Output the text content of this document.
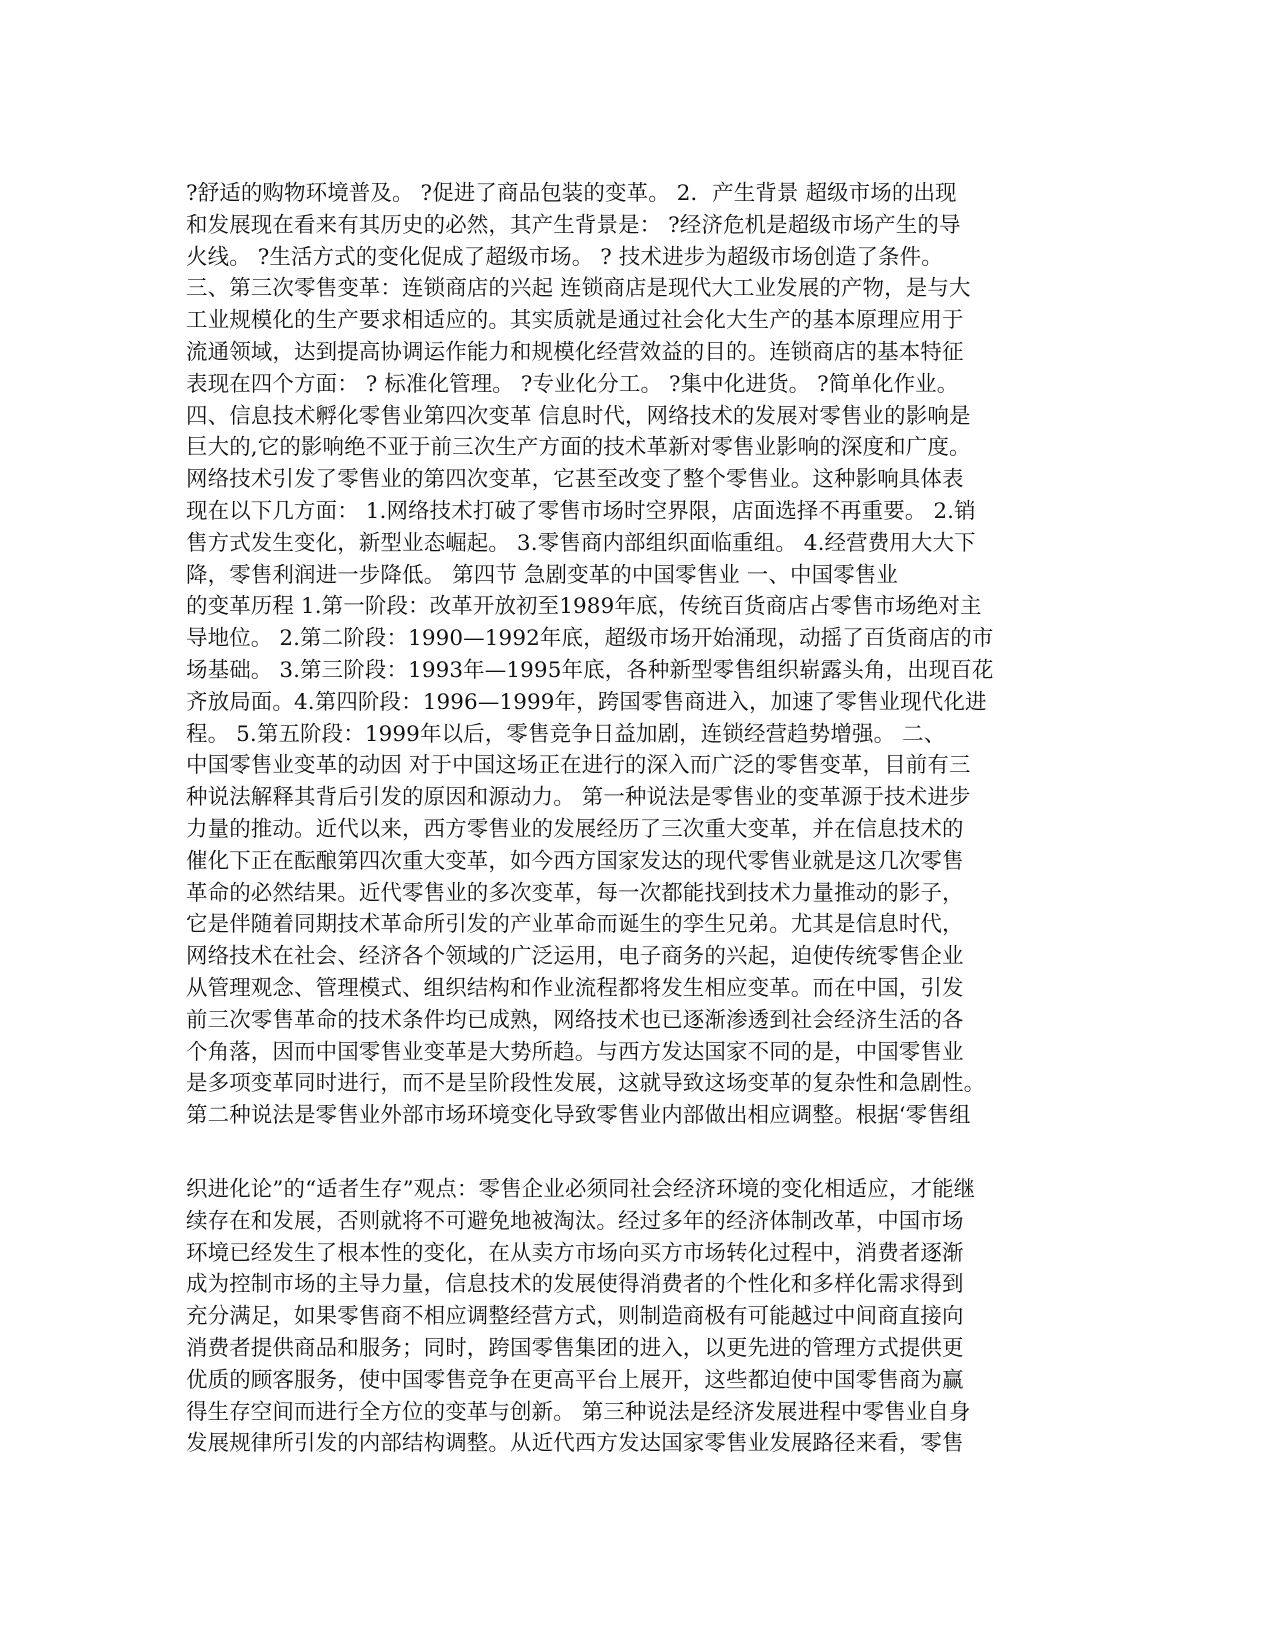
?舒适的购物环境普及。 ?促进了商品包装的变革。 2．产生背景 超级市场的出现
和发展现在看来有其历史的必然，其产生背景是： ?经济危机是超级市场产生的导
火线。 ?生活方式的变化促成了超级市场。 ? 技术进步为超级市场创造了条件。
三、第三次零售变革：连锁商店的兴起 连锁商店是现代大工业发展的产物，是与大
工业规模化的生产要求相适应的。其实质就是通过社会化大生产的基本原理应用于
流通领域，达到提高协调运作能力和规模化经营效益的目的。连锁商店的基本特征
表现在四个方面： ? 标准化管理。 ?专业化分工。 ?集中化进货。 ?简单化作业。
四、信息技术孵化零售业第四次变革 信息时代，网络技术的发展对零售业的影响是
巨大的,它的影响绝不亚于前三次生产方面的技术革新对零售业影响的深度和广度。
网络技术引发了零售业的第四次变革，它甚至改变了整个零售业。这种影响具体表
现在以下几方面： 1.网络技术打破了零售市场时空界限，店面选择不再重要。 2.销
售方式发生变化，新型业态崛起。 3.零售商内部组织面临重组。 4.经营费用大大下
降，零售利润进一步降低。 第四节 急剧变革的中国零售业 一、中国零售业
的变革历程 1.第一阶段：改革开放初至1989年底，传统百货商店占零售市场绝对主
导地位。 2.第二阶段：1990—1992年底，超级市场开始涌现，动摇了百货商店的市
场基础。 3.第三阶段：1993年—1995年底，各种新型零售组织崭露头角，出现百花
齐放局面。4.第四阶段：1996—1999年，跨国零售商进入，加速了零售业现代化进
程。 5.第五阶段：1999年以后，零售竞争日益加剧，连锁经营趋势增强。 二、
中国零售业变革的动因 对于中国这场正在进行的深入而广泛的零售变革，目前有三
种说法解释其背后引发的原因和源动力。 第一种说法是零售业的变革源于技术进步
力量的推动。近代以来，西方零售业的发展经历了三次重大变革，并在信息技术的
催化下正在酝酿第四次重大变革，如今西方国家发达的现代零售业就是这几次零售
革命的必然结果。近代零售业的多次变革，每一次都能找到技术力量推动的影子，
它是伴随着同期技术革命所引发的产业革命而诞生的孪生兄弟。尤其是信息时代，
网络技术在社会、经济各个领域的广泛运用，电子商务的兴起，迫使传统零售企业
从管理观念、管理模式、组织结构和作业流程都将发生相应变革。而在中国，引发
前三次零售革命的技术条件均已成熟，网络技术也已逐渐渗透到社会经济生活的各
个角落，因而中国零售业变革是大势所趋。与西方发达国家不同的是，中国零售业
是多项变革同时进行，而不是呈阶段性发展，这就导致这场变革的复杂性和急剧性。
第二种说法是零售业外部市场环境变化导致零售业内部做出相应调整。根据‘零售组
织进化论”的“适者生存”观点：零售企业必须同社会经济环境的变化相适应，才能继
续存在和发展，否则就将不可避免地被淘汰。经过多年的经济体制改革，中国市场
环境已经发生了根本性的变化，在从卖方市场向买方市场转化过程中，消费者逐渐
成为控制市场的主导力量，信息技术的发展使得消费者的个性化和多样化需求得到
充分满足，如果零售商不相应调整经营方式，则制造商极有可能越过中间商直接向
消费者提供商品和服务；同时，跨国零售集团的进入，以更先进的管理方式提供更
优质的顾客服务，使中国零售竞争在更高平台上展开，这些都迫使中国零售商为赢
得生存空间而进行全方位的变革与创新。 第三种说法是经济发展进程中零售业自身
发展规律所引发的内部结构调整。从近代西方发达国家零售业发展路径来看，零售
